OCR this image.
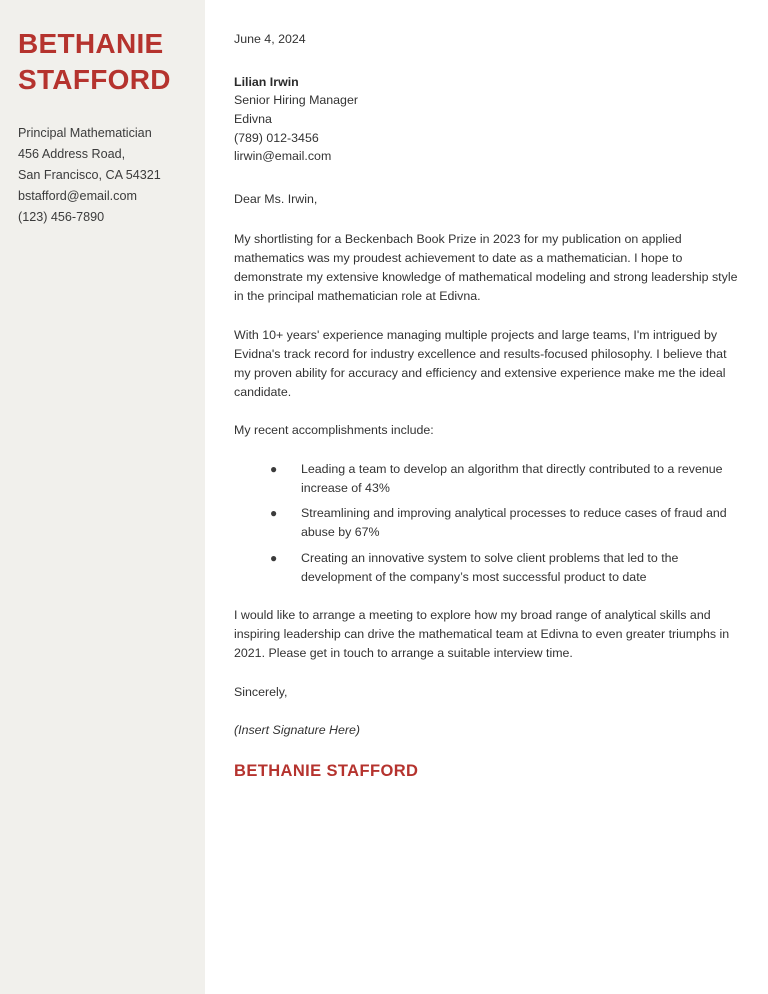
BETHANIE
STAFFORD
Principal Mathematician
456 Address Road,
San Francisco, CA 54321
bstafford@email.com
(123) 456-7890
June 4, 2024
Lilian Irwin
Senior Hiring Manager
Edivna
(789) 012-3456
lirwin@email.com
Dear Ms. Irwin,

My shortlisting for a Beckenbach Book Prize in 2023 for my publication on applied mathematics was my proudest achievement to date as a mathematician. I hope to demonstrate my extensive knowledge of mathematical modeling and strong leadership style in the principal mathematician role at Edivna.

With 10+ years' experience managing multiple projects and large teams, I'm intrigued by Evidna's track record for industry excellence and results-focused philosophy. I believe that my proven ability for accuracy and efficiency and extensive experience make me the ideal candidate.

My recent accomplishments include:

● Leading a team to develop an algorithm that directly contributed to a revenue increase of 43%
● Streamlining and improving analytical processes to reduce cases of fraud and abuse by 67%
● Creating an innovative system to solve client problems that led to the development of the company’s most successful product to date

I would like to arrange a meeting to explore how my broad range of analytical skills and inspiring leadership can drive the mathematical team at Edivna to even greater triumphs in 2021. Please get in touch to arrange a suitable interview time.

Sincerely,
(Insert Signature Here)
BETHANIE STAFFORD
